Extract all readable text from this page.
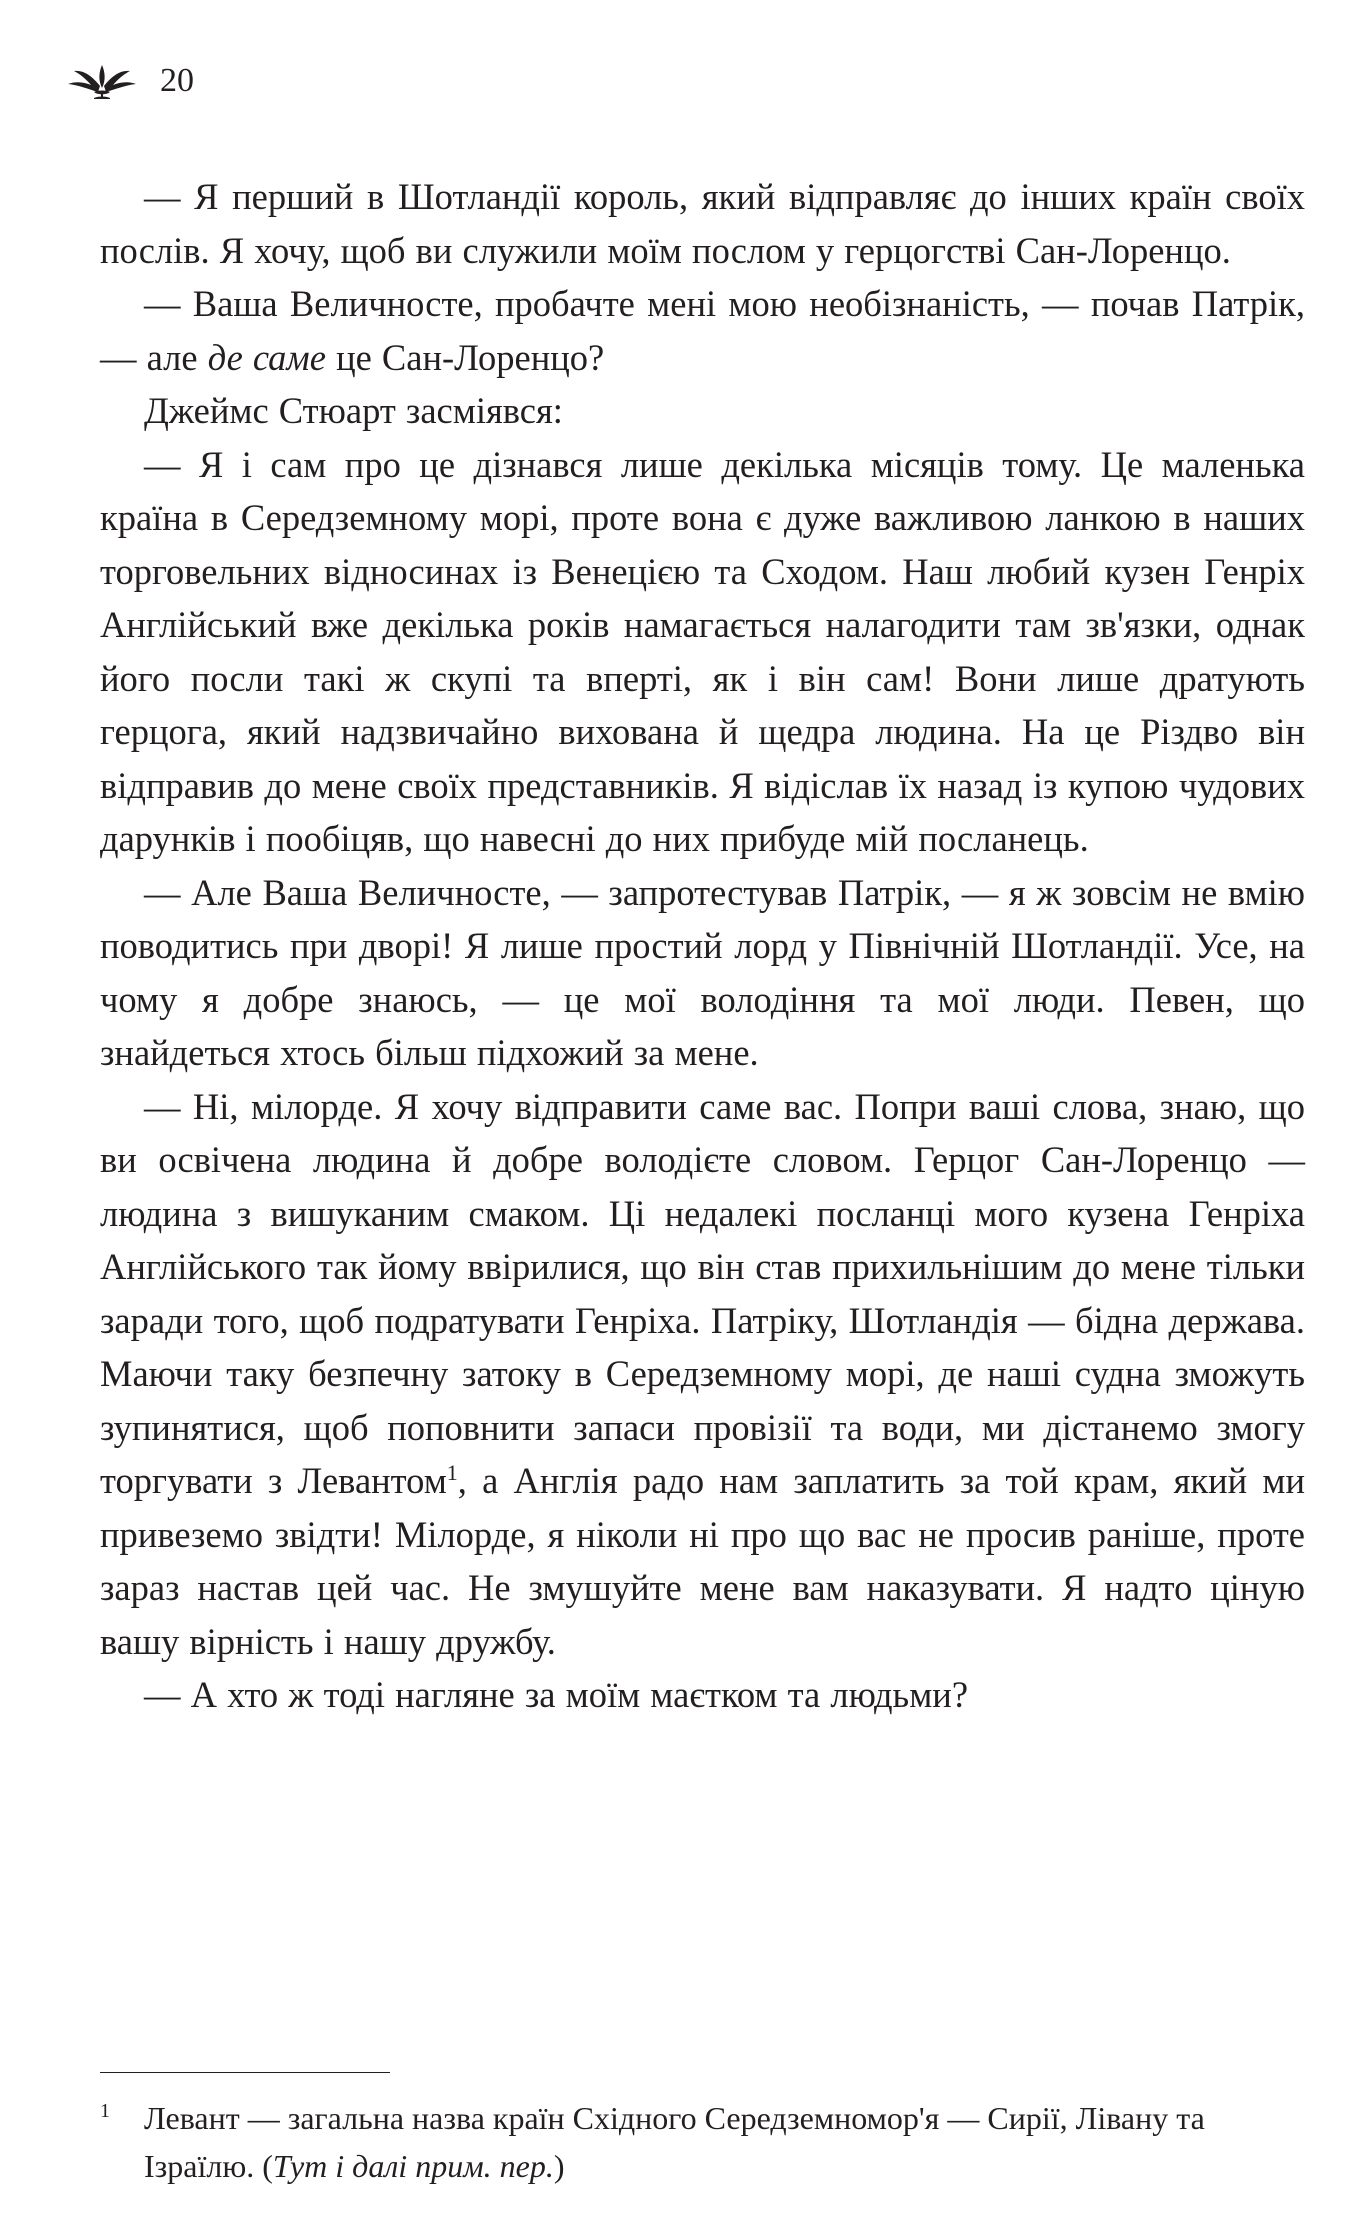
20

— Я перший в Шотландії король, який відправляє до інших країн своїх послів. Я хочу, щоб ви служили моїм послом у герцогстві Сан-Лоренцо.

— Ваша Величносте, пробачте мені мою необізнаність, — почав Патрік, — але де саме це Сан-Лоренцо?

Джеймс Стюарт засміявся:

— Я і сам про це дізнався лише декілька місяців тому. Це маленька країна в Середземному морі, проте вона є дуже важливою ланкою в наших торговельних відносинах із Венецією та Сходом. Наш любий кузен Генріх Англійський вже декілька років намагається налагодити там зв'язки, однак його посли такі ж скупі та вперті, як і він сам! Вони лише дратують герцога, який надзвичайно вихована й щедра людина. На це Різдво він відправив до мене своїх представників. Я відіслав їх назад із купою чудових дарунків і пообіцяв, що навесні до них прибуде мій посланець.

— Але Ваша Величносте, — запротестував Патрік, — я ж зовсім не вмію поводитись при дворі! Я лише простий лорд у Північній Шотландії. Усе, на чому я добре знаюсь, — це мої володіння та мої люди. Певен, що знайдеться хтось більш підхожий за мене.

— Ні, мілорде. Я хочу відправити саме вас. Попри ваші слова, знаю, що ви освічена людина й добре володієте словом. Герцог Сан-Лоренцо — людина з вишуканим смаком. Ці недалекі посланці мого кузена Генріха Англійського так йому ввірилися, що він став прихильнішим до мене тільки заради того, щоб подратувати Генріха. Патріку, Шотландія — бідна держава. Маючи таку безпечну затоку в Середземному морі, де наші судна зможуть зупинятися, щоб поповнити запаси провізії та води, ми дістанемо змогу торгувати з Левантом$^1$, а Англія радо нам заплатить за той крам, який ми привеземо звідти! Мілорде, я ніколи ні про що вас не просив раніше, проте зараз настав цей час. Не змушуйте мене вам наказувати. Я надто ціную вашу вірність і нашу дружбу.

— А хто ж тоді нагляне за моїм маєтком та людьми?

1	Левант — загальна назва країн Східного Середземномор'я — Сирії, Лівану та Ізраїлю. (Тут і далі прим. пер.)
